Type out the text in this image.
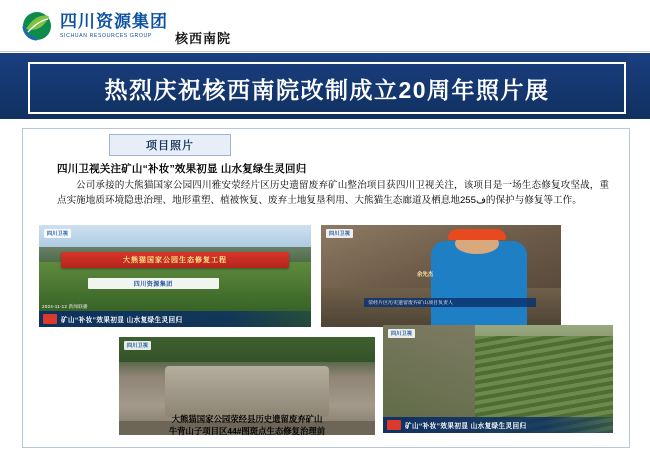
四川资源集团
SICHUAN RESOURCES GROUP	核西南院
热烈庆祝核西南院改制成立20周年照片展
项目照片
四川卫视关注矿山“补妆”效果初显 山水复绿生灵回归
公司承接的大熊猫国家公园四川雅安荥经片区历史遗留废弃矿山整治项目获四川卫视关注，该项目是一场生态修复攻坚战，重点实施地质环境隐患治理、地形重塑、植被恢复、废弃土地复垦利用、大熊猫生态廊道及栖息地ف255的保护与修复等工作。
大熊猫国家公园生态修复工程
四川资源集团
四川卫视
2024-11-12 新闻联播
矿山“补妆”效果初显 山水复绿生灵回归
四川卫视
余先杰
荥经片区历史遗留废弃矿山项目负责人
四川卫视
四川卫视
矿山“补妆”效果初显 山水复绿生灵回归
大熊猫国家公园荥经县历史遗留废弃矿山
牛背山子项目区44#图斑点生态修复治理前
